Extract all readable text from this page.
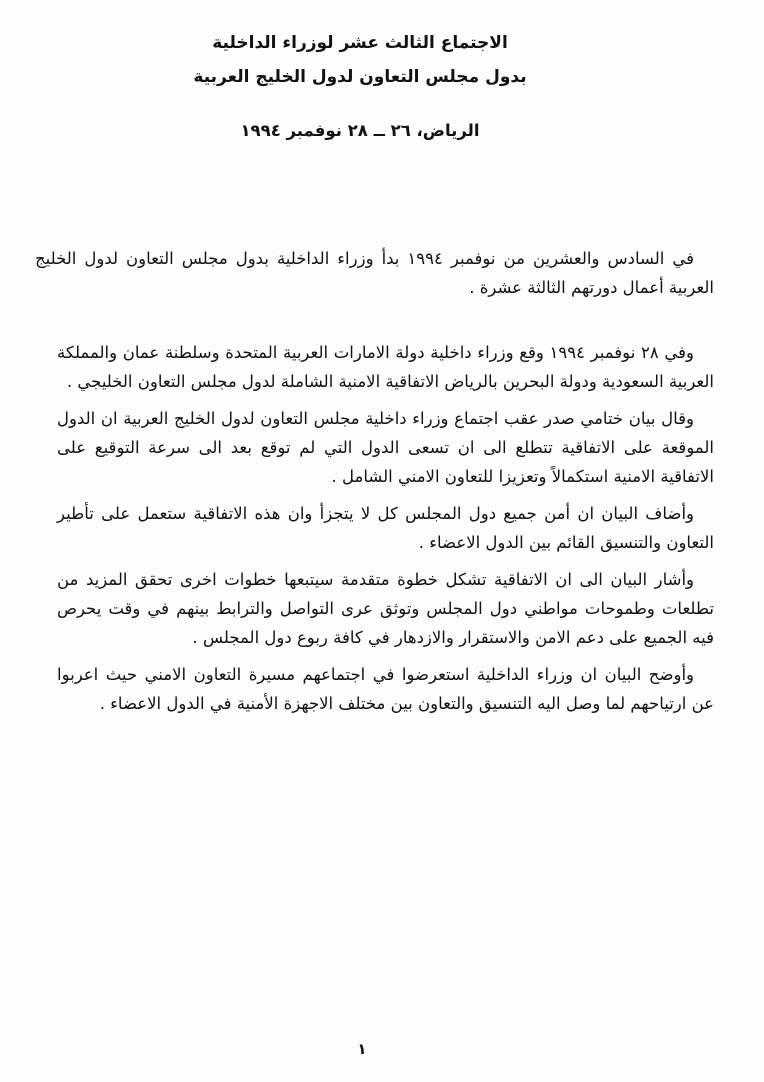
الاجتماع الثالث عشر لوزراء الداخلية
بدول مجلس التعاون لدول الخليج العربية
الرياض، ٢٦ ــ ٢٨ نوفمبر ١٩٩٤

في السادس والعشرين من نوفمبر ١٩٩٤ بدأ وزراء الداخلية بدول مجلس التعاون لدول الخليج العربية أعمال دورتهم الثالثة عشرة .

وفي ٢٨ نوفمبر ١٩٩٤ وقع وزراء داخلية دولة الامارات العربية المتحدة وسلطنة عمان والمملكة العربية السعودية ودولة البحرين بالرياض الاتفاقية الامنية الشاملة لدول مجلس التعاون الخليجي .

وقال بيان ختامي صدر عقب اجتماع وزراء داخلية مجلس التعاون لدول الخليج العربية ان الدول الموقعة على الاتفاقية تتطلع الى ان تسعى الدول التي لم توقع بعد الى سرعة التوقيع على الاتفاقية الامنية استكمالاً وتعزيزا للتعاون الامني الشامل .

وأضاف البيان ان أمن جميع دول المجلس كل لا يتجزأ وان هذه الاتفاقية ستعمل على تأطير التعاون والتنسيق القائم بين الدول الاعضاء .

وأشار البيان الى ان الاتفاقية تشكل خطوة متقدمة سيتبعها خطوات اخرى تحقق المزيد من تطلعات وطموحات مواطني دول المجلس وتوثق عرى التواصل والترابط بينهم في وقت يحرص فيه الجميع على دعم الامن والاستقرار والازدهار في كافة ربوع دول المجلس .

وأوضح البيان ان وزراء الداخلية استعرضوا في اجتماعهم مسيرة التعاون الامني حيث اعربوا عن ارتياحهم لما وصل اليه التنسيق والتعاون بين مختلف الاجهزة الأمنية في الدول الاعضاء .

١
